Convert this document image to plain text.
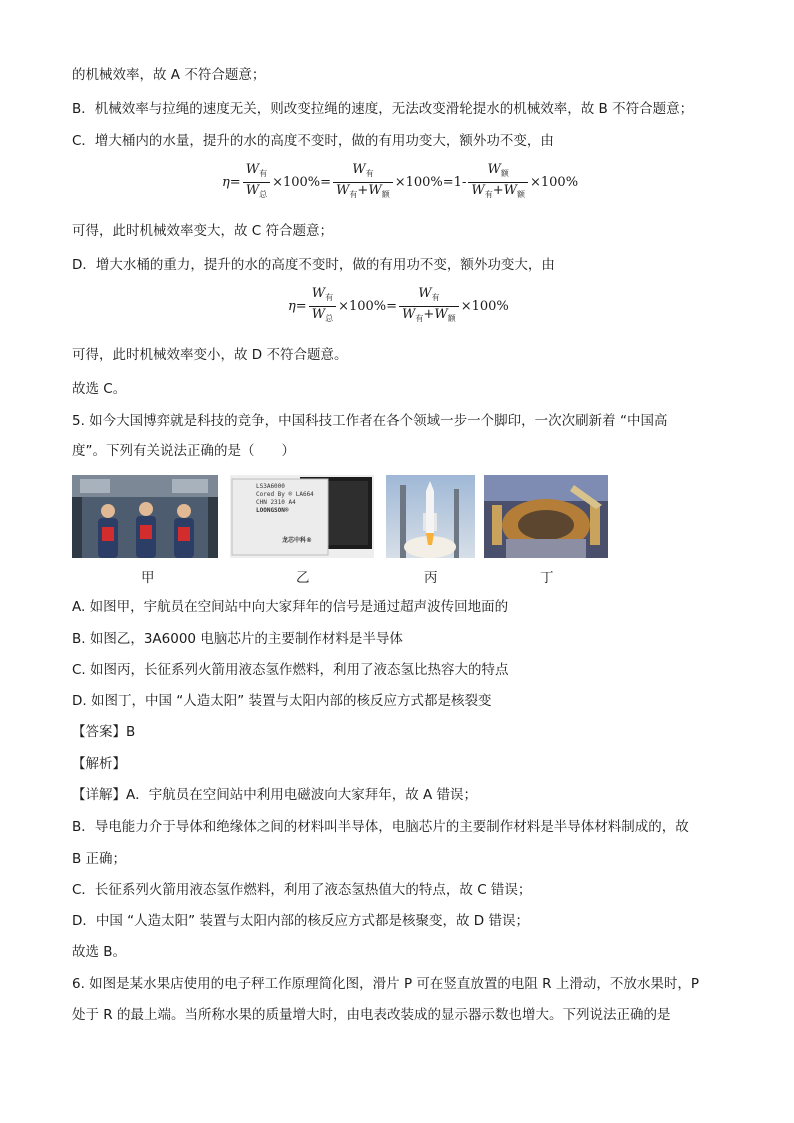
的机械效率，故 A 不符合题意；
B．机械效率与拉绳的速度无关，则改变拉绳的速度，无法改变滑轮提水的机械效率，故 B 不符合题意；
C．增大桶内的水量，提升的水的高度不变时，做的有用功变大，额外功不变，由
$\eta= \frac{W_有}{W_总} \times 100\%= \frac{W_有}{W_有+W_额} \times 100\%=1- \frac{W_额}{W_有+W_额} \times 100\%$
可得，此时机械效率变大，故 C 符合题意；
D．增大水桶的重力，提升的水的高度不变时，做的有用功不变，额外功变大，由
$\eta= \frac{W_有}{W_总} \times 100\%= \frac{W_有}{W_有+W_额} \times 100\%$
可得，此时机械效率变小，故 D 不符合题意。
故选 C。
5. 如今大国博弈就是科技的竞争，中国科技工作者在各个领域一步一个脚印，一次次刷新着 “中国高
度”。下列有关说法正确的是（　　）
LS3A6000
Cored By ® LA664
CHN 2310 A4
LOONGSON®
龙芯中科®
甲	乙	丙	丁
A. 如图甲，宇航员在空间站中向大家拜年的信号是通过超声波传回地面的
B. 如图乙，3A6000 电脑芯片的主要制作材料是半导体
C. 如图丙，长征系列火箭用液态氢作燃料，利用了液态氢比热容大的特点
D. 如图丁，中国 “人造太阳” 装置与太阳内部的核反应方式都是核裂变
【答案】B
【解析】
【详解】A．宇航员在空间站中利用电磁波向大家拜年，故 A 错误；
B．导电能力介于导体和绝缘体之间的材料叫半导体，电脑芯片的主要制作材料是半导体材料制成的，故
B 正确；
C．长征系列火箭用液态氢作燃料，利用了液态氢热值大的特点，故 C 错误；
D．中国 “人造太阳” 装置与太阳内部的核反应方式都是核聚变，故 D 错误；
故选 B。
6. 如图是某水果店使用的电子秤工作原理简化图，滑片 P 可在竖直放置的电阻 R 上滑动，不放水果时，P
处于 R 的最上端。当所称水果的质量增大时，由电表改装成的显示器示数也增大。下列说法正确的是
